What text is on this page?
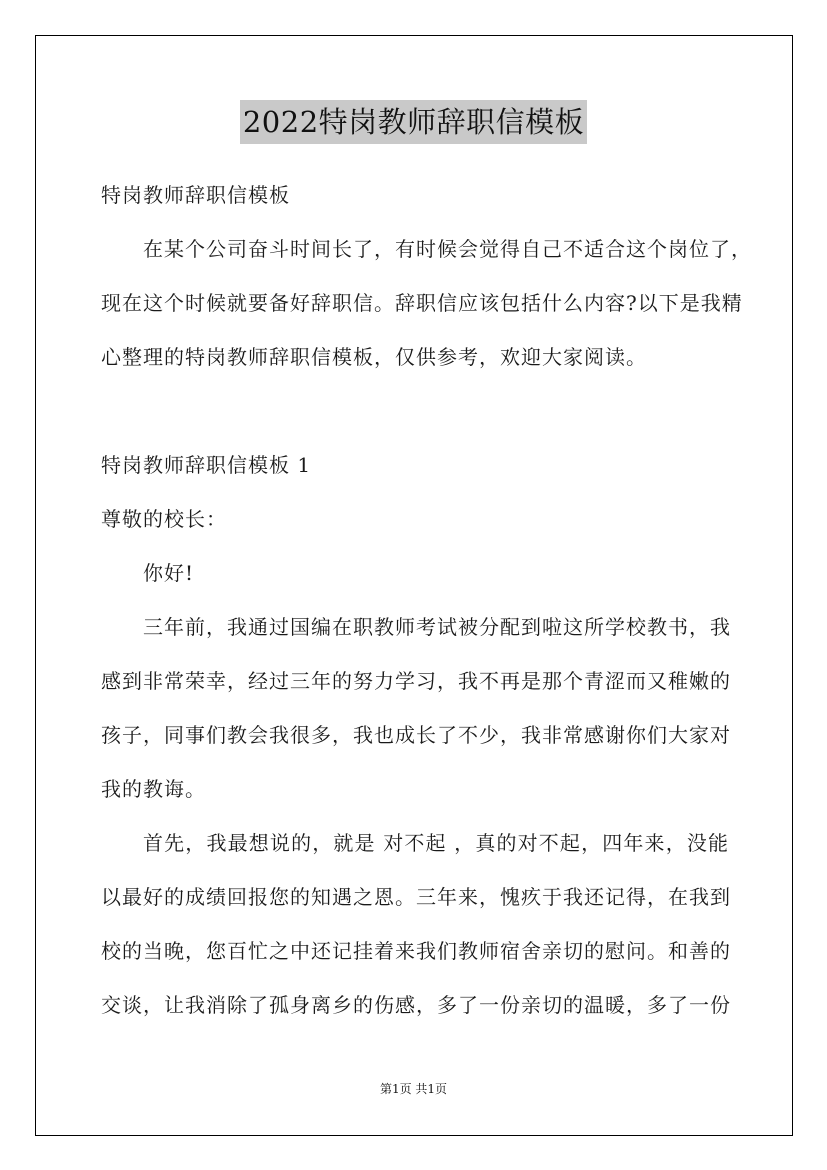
2022特岗教师辞职信模板
特岗教师辞职信模板
在某个公司奋斗时间长了，有时候会觉得自己不适合这个岗位了，
现在这个时候就要备好辞职信。辞职信应该包括什么内容?以下是我精
心整理的特岗教师辞职信模板，仅供参考，欢迎大家阅读。
特岗教师辞职信模板 1
尊敬的校长：
你好!
三年前，我通过国编在职教师考试被分配到啦这所学校教书，我
感到非常荣幸，经过三年的努力学习，我不再是那个青涩而又稚嫩的
孩子，同事们教会我很多，我也成长了不少，我非常感谢你们大家对
我的教诲。
首先，我最想说的，就是 对不起 ，真的对不起，四年来，没能
以最好的成绩回报您的知遇之恩。三年来，愧疚于我还记得，在我到
校的当晚，您百忙之中还记挂着来我们教师宿舍亲切的慰问。和善的
交谈，让我消除了孤身离乡的伤感，多了一份亲切的温暖，多了一份
第1页 共1页
